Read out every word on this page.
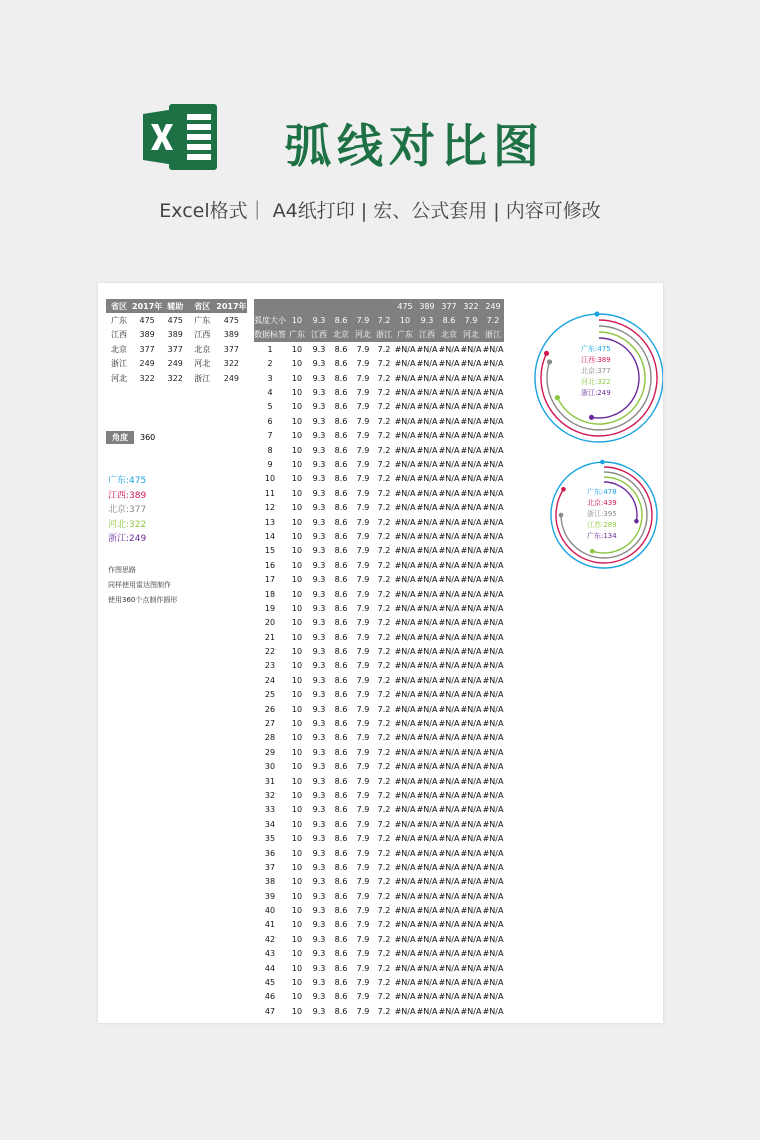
弧线对比图
Excel格式｜ A4纸打印 | 宏、公式套用 | 内容可修改
省区	2017年	辅助	省区	2017年
广东	475	475	广东	475
江西	389	389	江西	389
北京	377	377	北京	377
浙江	249	249	河北	322
河北	322	322	浙江	249
角度 360
广东:475
江西:389
北京:377
河北:322
浙江:249
作图思路
同样使用雷达图制作
使用360个点制作圆形
						475	389	377	322	249
弧度大小	10	9.3	8.6	7.9	7.2	10	9.3	8.6	7.9	7.2
数据标签	广东	江西	北京	河北	浙江	广东	江西	北京	河北	浙江
1	10	9.3	8.6	7.9	7.2	#N/A	#N/A	#N/A	#N/A	#N/A
2	10	9.3	8.6	7.9	7.2	#N/A	#N/A	#N/A	#N/A	#N/A
3	10	9.3	8.6	7.9	7.2	#N/A	#N/A	#N/A	#N/A	#N/A
4	10	9.3	8.6	7.9	7.2	#N/A	#N/A	#N/A	#N/A	#N/A
5	10	9.3	8.6	7.9	7.2	#N/A	#N/A	#N/A	#N/A	#N/A
6	10	9.3	8.6	7.9	7.2	#N/A	#N/A	#N/A	#N/A	#N/A
7	10	9.3	8.6	7.9	7.2	#N/A	#N/A	#N/A	#N/A	#N/A
8	10	9.3	8.6	7.9	7.2	#N/A	#N/A	#N/A	#N/A	#N/A
9	10	9.3	8.6	7.9	7.2	#N/A	#N/A	#N/A	#N/A	#N/A
10	10	9.3	8.6	7.9	7.2	#N/A	#N/A	#N/A	#N/A	#N/A
11	10	9.3	8.6	7.9	7.2	#N/A	#N/A	#N/A	#N/A	#N/A
12	10	9.3	8.6	7.9	7.2	#N/A	#N/A	#N/A	#N/A	#N/A
13	10	9.3	8.6	7.9	7.2	#N/A	#N/A	#N/A	#N/A	#N/A
14	10	9.3	8.6	7.9	7.2	#N/A	#N/A	#N/A	#N/A	#N/A
15	10	9.3	8.6	7.9	7.2	#N/A	#N/A	#N/A	#N/A	#N/A
16	10	9.3	8.6	7.9	7.2	#N/A	#N/A	#N/A	#N/A	#N/A
17	10	9.3	8.6	7.9	7.2	#N/A	#N/A	#N/A	#N/A	#N/A
18	10	9.3	8.6	7.9	7.2	#N/A	#N/A	#N/A	#N/A	#N/A
19	10	9.3	8.6	7.9	7.2	#N/A	#N/A	#N/A	#N/A	#N/A
20	10	9.3	8.6	7.9	7.2	#N/A	#N/A	#N/A	#N/A	#N/A
21	10	9.3	8.6	7.9	7.2	#N/A	#N/A	#N/A	#N/A	#N/A
22	10	9.3	8.6	7.9	7.2	#N/A	#N/A	#N/A	#N/A	#N/A
23	10	9.3	8.6	7.9	7.2	#N/A	#N/A	#N/A	#N/A	#N/A
24	10	9.3	8.6	7.9	7.2	#N/A	#N/A	#N/A	#N/A	#N/A
25	10	9.3	8.6	7.9	7.2	#N/A	#N/A	#N/A	#N/A	#N/A
26	10	9.3	8.6	7.9	7.2	#N/A	#N/A	#N/A	#N/A	#N/A
27	10	9.3	8.6	7.9	7.2	#N/A	#N/A	#N/A	#N/A	#N/A
28	10	9.3	8.6	7.9	7.2	#N/A	#N/A	#N/A	#N/A	#N/A
29	10	9.3	8.6	7.9	7.2	#N/A	#N/A	#N/A	#N/A	#N/A
30	10	9.3	8.6	7.9	7.2	#N/A	#N/A	#N/A	#N/A	#N/A
31	10	9.3	8.6	7.9	7.2	#N/A	#N/A	#N/A	#N/A	#N/A
32	10	9.3	8.6	7.9	7.2	#N/A	#N/A	#N/A	#N/A	#N/A
33	10	9.3	8.6	7.9	7.2	#N/A	#N/A	#N/A	#N/A	#N/A
34	10	9.3	8.6	7.9	7.2	#N/A	#N/A	#N/A	#N/A	#N/A
35	10	9.3	8.6	7.9	7.2	#N/A	#N/A	#N/A	#N/A	#N/A
36	10	9.3	8.6	7.9	7.2	#N/A	#N/A	#N/A	#N/A	#N/A
37	10	9.3	8.6	7.9	7.2	#N/A	#N/A	#N/A	#N/A	#N/A
38	10	9.3	8.6	7.9	7.2	#N/A	#N/A	#N/A	#N/A	#N/A
39	10	9.3	8.6	7.9	7.2	#N/A	#N/A	#N/A	#N/A	#N/A
40	10	9.3	8.6	7.9	7.2	#N/A	#N/A	#N/A	#N/A	#N/A
41	10	9.3	8.6	7.9	7.2	#N/A	#N/A	#N/A	#N/A	#N/A
42	10	9.3	8.6	7.9	7.2	#N/A	#N/A	#N/A	#N/A	#N/A
43	10	9.3	8.6	7.9	7.2	#N/A	#N/A	#N/A	#N/A	#N/A
44	10	9.3	8.6	7.9	7.2	#N/A	#N/A	#N/A	#N/A	#N/A
45	10	9.3	8.6	7.9	7.2	#N/A	#N/A	#N/A	#N/A	#N/A
46	10	9.3	8.6	7.9	7.2	#N/A	#N/A	#N/A	#N/A	#N/A
47	10	9.3	8.6	7.9	7.2	#N/A	#N/A	#N/A	#N/A	#N/A
广东:475
江西:389
北京:377
河北:322
浙江:249
广东:478
北京:439
浙江:395
江苏:289
广东:134
